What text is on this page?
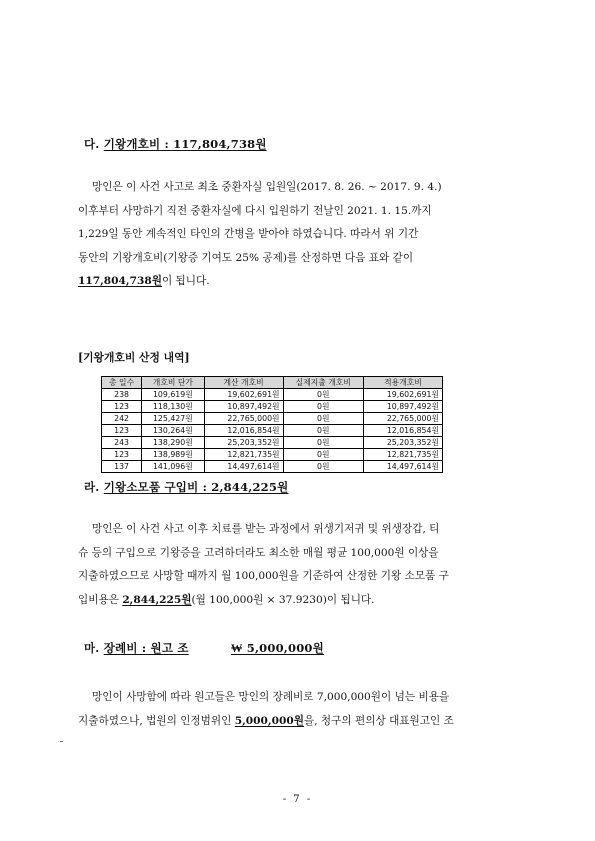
다. 기왕개호비 : 117,804,738원
망인은 이 사건 사고로 최초 중환자실 입원일(2017. 8. 26. ~ 2017. 9. 4.)
이후부터 사망하기 직전 중환자실에 다시 입원하기 전날인 2021. 1. 15.까지
1,229일 동안 계속적인 타인의 간병을 받아야 하였습니다. 따라서 위 기간
동안의 기왕개호비(기왕증 기여도 25% 공제)를 산정하면 다음 표와 같이
117,804,738원이 됩니다.
[기왕개호비 산정 내역]
총 일수	개호비 단가	계산 개호비	실제지출 개호비	적용개호비
238	109,619원	19,602,691원	0원	19,602,691원
123	118,130원	10,897,492원	0원	10,897,492원
242	125,427원	22,765,000원	0원	22,765,000원
123	130,264원	12,016,854원	0원	12,016,854원
243	138,290원	25,203,352원	0원	25,203,352원
123	138,989원	12,821,735원	0원	12,821,735원
137	141,096원	14,497,614원	0원	14,497,614원
라. 기왕소모품 구입비 : 2,844,225원
망인은 이 사건 사고 이후 치료를 받는 과정에서 위생기저귀 및 위생장갑, 티
슈 등의 구입으로 기왕증을 고려하더라도 최소한 매월 평균 100,000원 이상을
지출하였으므로 사망할 때까지 월 100,000원을 기준하여 산정한 기왕 소모품 구
입비용은 2,844,225원(월 100,000원 × 37.9230)이 됩니다.
마. 장례비 : 원고 조	₩ 5,000,000원
망인이 사망함에 따라 원고들은 망인의 장례비로 7,000,000원이 넘는 비용을
지출하였으나, 법원의 인정범위인 5,000,000원을, 청구의 편의상 대표원고인 조
- 7 -
